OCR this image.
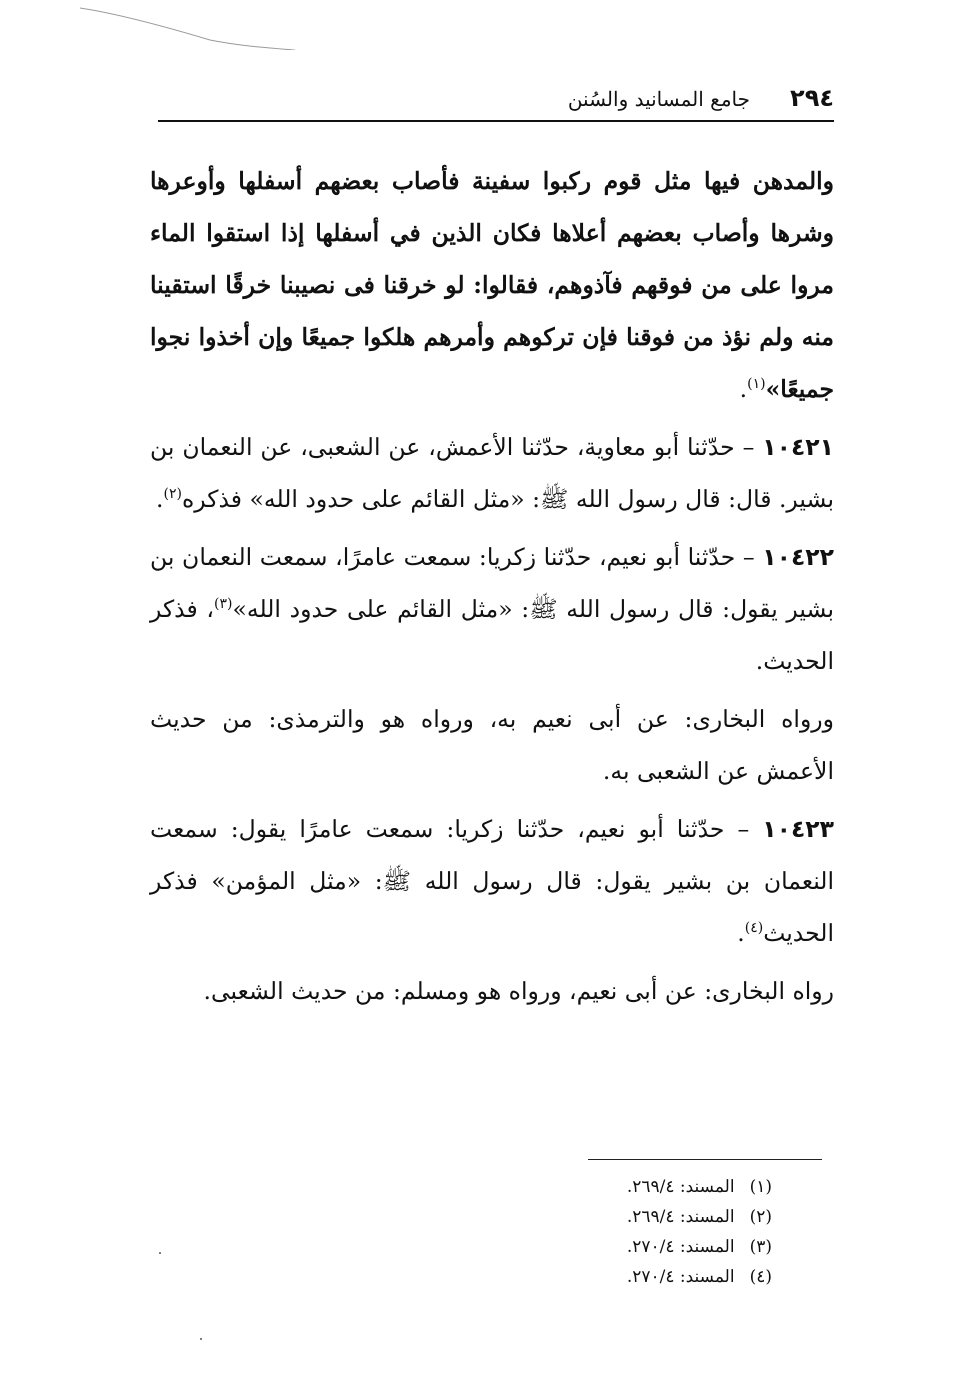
٢٩٤
جامع المسانيد والسُنن

والمدهن فيها مثل قوم ركبوا سفينة فأصاب بعضهم أسفلها وأوعرها وشرها وأصاب بعضهم أعلاها فكان الذين في أسفلها إذا استقوا الماء مروا على من فوقهم فآذوهم، فقالوا: لو خرقنا فى نصيبنا خرقًا استقينا منه ولم نؤذ من فوقنا فإن تركوهم وأمرهم هلكوا جميعًا وإن أخذوا نجوا جميعًا»$^{(١)}$.

١٠٤٢١ – حدّثنا أبو معاوية، حدّثنا الأعمش، عن الشعبى، عن النعمان بن بشير. قال: قال رسول الله ﷺ: «مثل القائم على حدود الله» فذكره$^{(٢)}$.

١٠٤٢٢ – حدّثنا أبو نعيم، حدّثنا زكريا: سمعت عامرًا، سمعت النعمان بن بشير يقول: قال رسول الله ﷺ: «مثل القائم على حدود الله»$^{(٣)}$، فذكر الحديث.

ورواه البخارى: عن أبى نعيم به، ورواه هو والترمذى: من حديث الأعمش عن الشعبى به.

١٠٤٢٣ – حدّثنا أبو نعيم، حدّثنا زكريا: سمعت عامرًا يقول: سمعت النعمان بن بشير يقول: قال رسول الله ﷺ: «مثل المؤمن» فذكر الحديث$^{(٤)}$.

رواه البخارى: عن أبى نعيم، ورواه هو ومسلم: من حديث الشعبى.

(١) المسند: ٢٦٩/٤.

(٢) المسند: ٢٦٩/٤.

(٣) المسند: ٢٧٠/٤.

(٤) المسند: ٢٧٠/٤.
